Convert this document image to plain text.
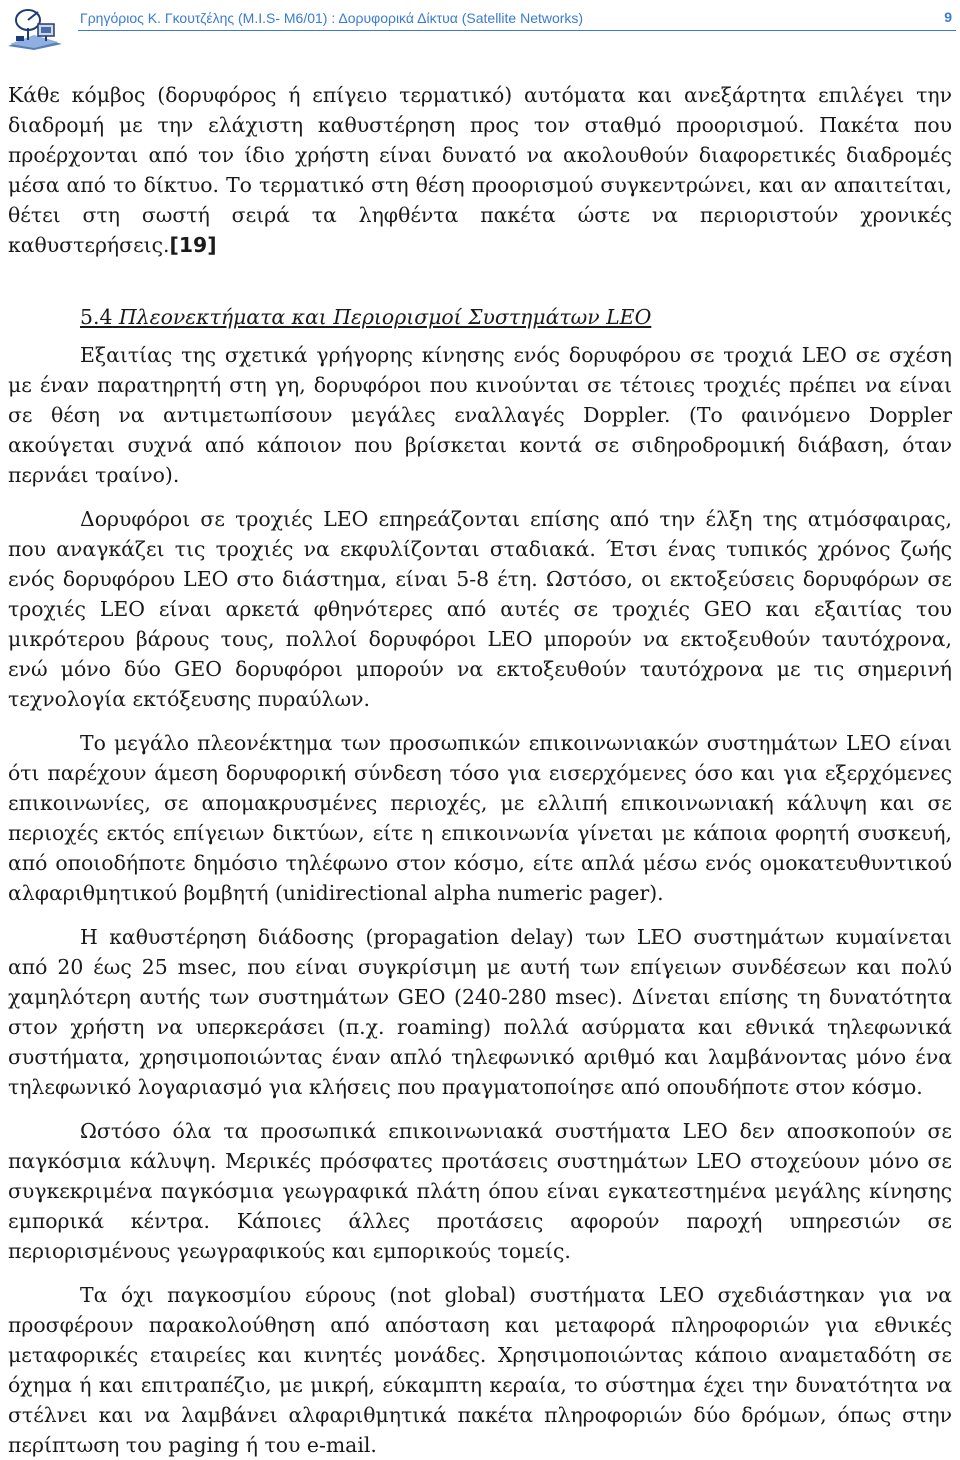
Γρηγόριος Κ. Γκουτζέλης (Μ.Ι.S- Μ6/01) : Δορυφορικά Δίκτυα (Satellite Networks)	9

Κάθε κόμβος (δορυφόρος ή επίγειο τερματικό) αυτόματα και ανεξάρτητα επιλέγει την διαδρομή με την ελάχιστη καθυστέρηση προς τον σταθμό προορισμού. Πακέτα που προέρχονται από τον ίδιο χρήστη είναι δυνατό να ακολουθούν διαφορετικές διαδρομές μέσα από το δίκτυο. Το τερματικό στη θέση προορισμού συγκεντρώνει, και αν απαιτείται, θέτει στη σωστή σειρά τα ληφθέντα πακέτα ώστε να περιοριστούν χρονικές καθυστερήσεις.[19]

5.4 Πλεονεκτήματα και Περιορισμοί Συστημάτων LEO

Εξαιτίας της σχετικά γρήγορης κίνησης ενός δορυφόρου σε τροχιά LEO σε σχέση με έναν παρατηρητή στη γη, δορυφόροι που κινούνται σε τέτοιες τροχιές πρέπει να είναι σε θέση να αντιμετωπίσουν μεγάλες εναλλαγές Doppler. (Το φαινόμενο Doppler ακούγεται συχνά από κάποιον που βρίσκεται κοντά σε σιδηροδρομική διάβαση, όταν περνάει τραίνο).

Δορυφόροι σε τροχιές LEO επηρεάζονται επίσης από την έλξη της ατμόσφαιρας, που αναγκάζει τις τροχιές να εκφυλίζονται σταδιακά. Έτσι ένας τυπικός χρόνος ζωής ενός δορυφόρου LEO στο διάστημα, είναι 5-8 έτη. Ωστόσο, οι εκτοξεύσεις δορυφόρων σε τροχιές LEO είναι αρκετά φθηνότερες από αυτές σε τροχιές GEO και εξαιτίας του μικρότερου βάρους τους, πολλοί δορυφόροι LEO μπορούν να εκτοξευθούν ταυτόχρονα, ενώ μόνο δύο GEO δορυφόροι μπορούν να εκτοξευθούν ταυτόχρονα με τις σημερινή τεχνολογία εκτόξευσης πυραύλων.

Το μεγάλο πλεονέκτημα των προσωπικών επικοινωνιακών συστημάτων LEO είναι ότι παρέχουν άμεση δορυφορική σύνδεση τόσο για εισερχόμενες όσο και για εξερχόμενες επικοινωνίες, σε απομακρυσμένες περιοχές, με ελλιπή επικοινωνιακή κάλυψη και σε περιοχές εκτός επίγειων δικτύων, είτε η επικοινωνία γίνεται με κάποια φορητή συσκευή, από οποιοδήποτε δημόσιο τηλέφωνο στον κόσμο, είτε απλά μέσω ενός ομοκατευθυντικού αλφαριθμητικού βομβητή (unidirectional alpha numeric pager).

Η καθυστέρηση διάδοσης (propagation delay) των LEO συστημάτων κυμαίνεται από 20 έως 25 msec, που είναι συγκρίσιμη με αυτή των επίγειων συνδέσεων και πολύ χαμηλότερη αυτής των συστημάτων GEO (240-280 msec). Δίνεται επίσης τη δυνατότητα στον χρήστη να υπερκεράσει (π.χ. roaming) πολλά ασύρματα και εθνικά τηλεφωνικά συστήματα, χρησιμοποιώντας έναν απλό τηλεφωνικό αριθμό και λαμβάνοντας μόνο ένα τηλεφωνικό λογαριασμό για κλήσεις που πραγματοποίησε από οπουδήποτε στον κόσμο.

Ωστόσο όλα τα προσωπικά επικοινωνιακά συστήματα LEO δεν αποσκοπούν σε παγκόσμια κάλυψη. Μερικές πρόσφατες προτάσεις συστημάτων LEO στοχεύουν μόνο σε συγκεκριμένα παγκόσμια γεωγραφικά πλάτη όπου είναι εγκατεστημένα μεγάλης κίνησης εμπορικά κέντρα. Κάποιες άλλες προτάσεις αφορούν παροχή υπηρεσιών σε περιορισμένους γεωγραφικούς και εμπορικούς τομείς.

Τα όχι παγκοσμίου εύρους (not global) συστήματα LEO σχεδιάστηκαν για να προσφέρουν παρακολούθηση από απόσταση και μεταφορά πληροφοριών για εθνικές μεταφορικές εταιρείες και κινητές μονάδες. Χρησιμοποιώντας κάποιο αναμεταδότη σε όχημα ή και επιτραπέζιο, με μικρή, εύκαμπτη κεραία, το σύστημα έχει την δυνατότητα να στέλνει και να λαμβάνει αλφαριθμητικά πακέτα πληροφοριών δύο δρόμων, όπως στην περίπτωση του paging ή του e-mail.
